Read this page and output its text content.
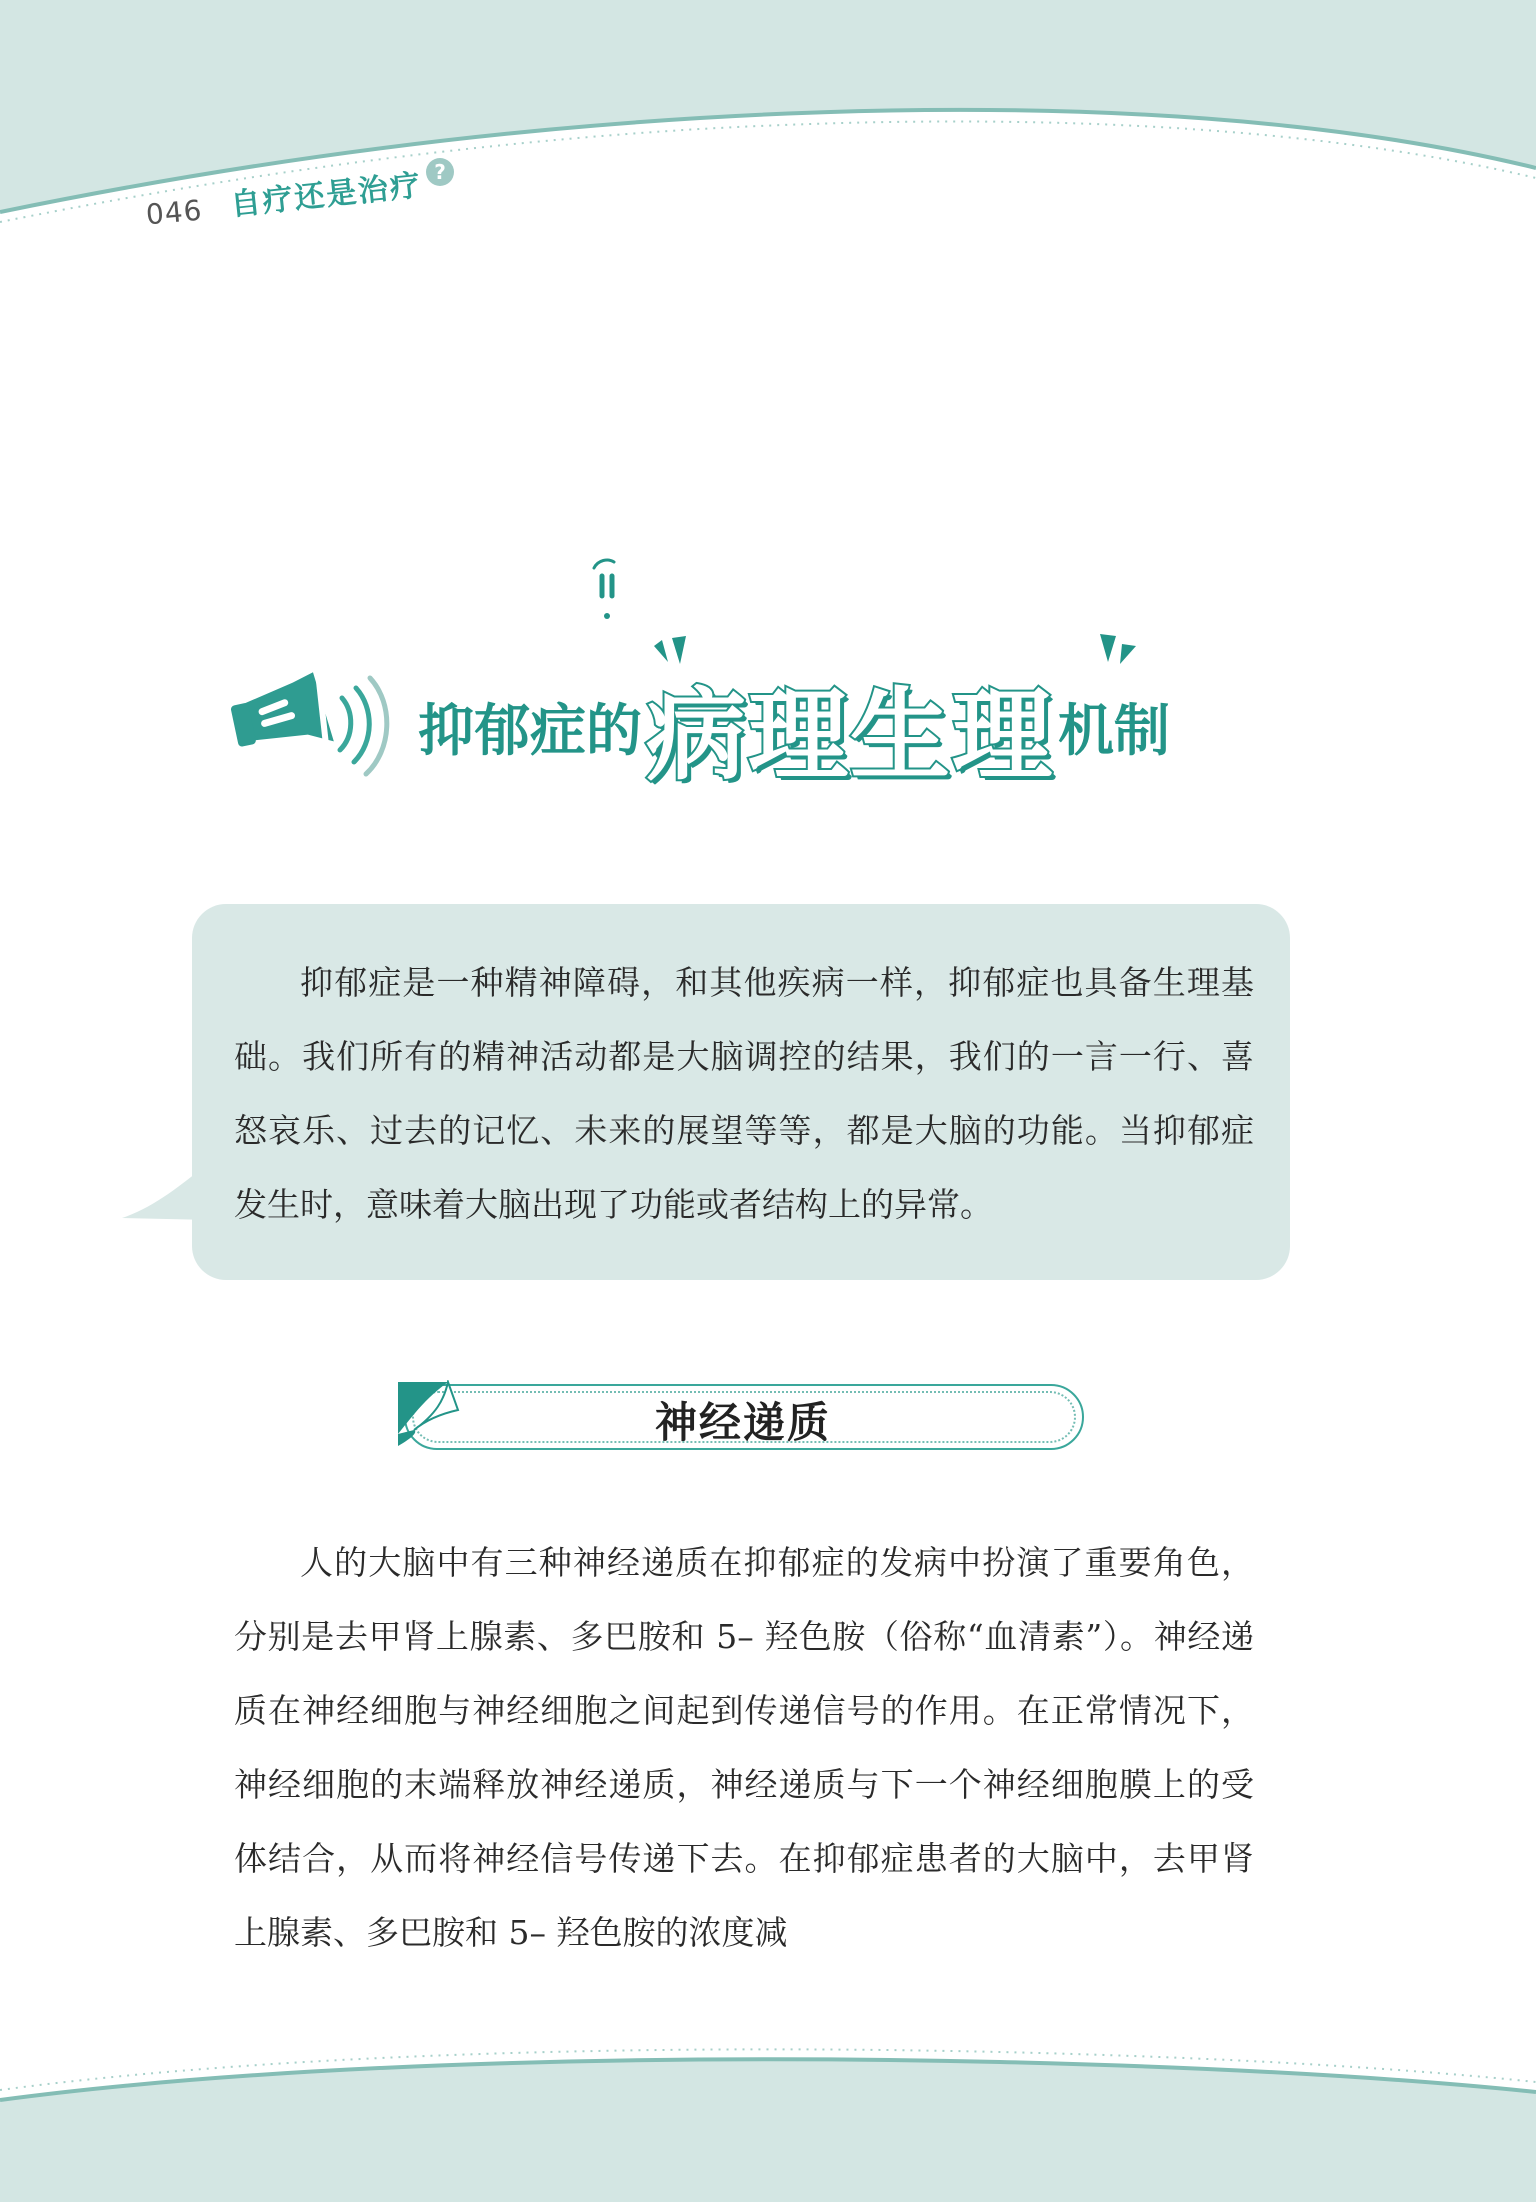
046 自疗还是治疗 ?
抑郁症的 病理生理 机制

抑郁症是一种精神障碍，和其他疾病一样，抑郁症也具备生理基础。我们所有的精神活动都是大脑调控的结果，我们的一言一行、喜怒哀乐、过去的记忆、未来的展望等等，都是大脑的功能。当抑郁症发生时，意味着大脑出现了功能或者结构上的异常。

神经递质

人的大脑中有三种神经递质在抑郁症的发病中扮演了重要角色，分别是去甲肾上腺素、多巴胺和 5– 羟色胺（俗称“血清素”）。神经递质在神经细胞与神经细胞之间起到传递信号的作用。在正常情况下，神经细胞的末端释放神经递质，神经递质与下一个神经细胞膜上的受体结合，从而将神经信号传递下去。在抑郁症患者的大脑中，去甲肾上腺素、多巴胺和 5– 羟色胺的浓度减
